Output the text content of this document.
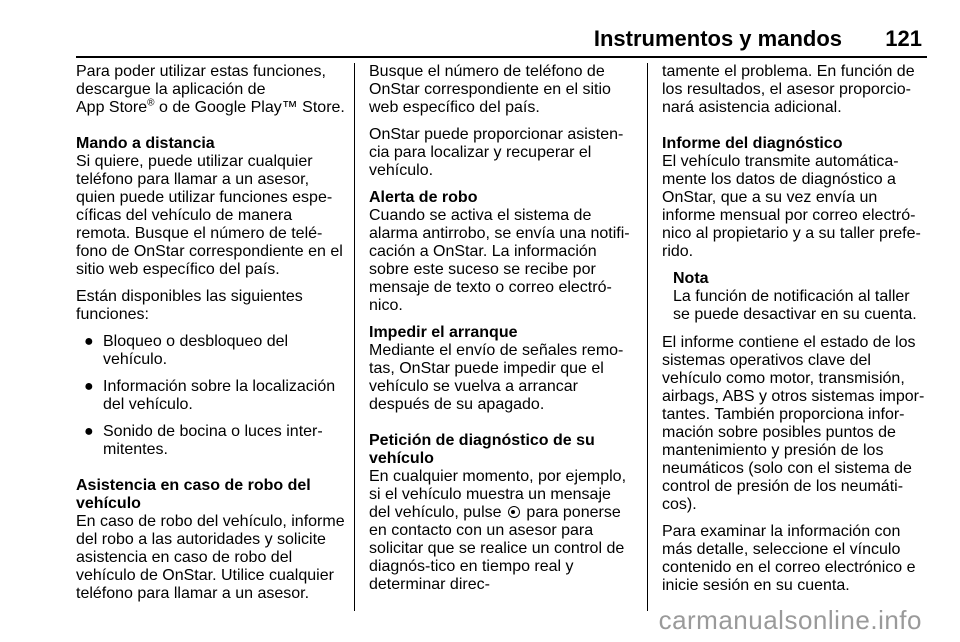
Instrumentos y mandos 121

Para poder utilizar estas funciones,
descargue la aplicación de
App Store® o de Google Play™ Store.

Mando a distancia

Si quiere, puede utilizar cualquier teléfono para llamar a un asesor, quien puede utilizar funciones espe-cíficas del vehículo de manera remota. Busque el número de telé-fono de OnStar correspondiente en el sitio web específico del país.

Están disponibles las siguientes funciones:

● Bloqueo o desbloqueo del vehículo.
● Información sobre la localización del vehículo.
● Sonido de bocina o luces inter-mitentes.

Asistencia en caso de robo del vehículo

En caso de robo del vehículo, informe del robo a las autoridades y solicite asistencia en caso de robo del vehículo de OnStar. Utilice cualquier teléfono para llamar a un asesor.

Busque el número de teléfono de OnStar correspondiente en el sitio web específico del país.

OnStar puede proporcionar asisten-cia para localizar y recuperar el vehículo.

Alerta de robo

Cuando se activa el sistema de alarma antirrobo, se envía una notifi-cación a OnStar. La información sobre este suceso se recibe por mensaje de texto o correo electró-nico.

Impedir el arranque

Mediante el envío de señales remo-tas, OnStar puede impedir que el vehículo se vuelva a arrancar después de su apagado.

Petición de diagnóstico de su vehículo

En cualquier momento, por ejemplo, si el vehículo muestra un mensaje del vehículo, pulse  para ponerse en contacto con un asesor para solicitar que se realice un control de diagnós-tico en tiempo real y determinar direc-

tamente el problema. En función de los resultados, el asesor proporcio-nará asistencia adicional.

Informe del diagnóstico

El vehículo transmite automática-mente los datos de diagnóstico a OnStar, que a su vez envía un informe mensual por correo electró-nico al propietario y a su taller prefe-rido.

Nota
La función de notificación al taller se puede desactivar en su cuenta.

El informe contiene el estado de los sistemas operativos clave del vehículo como motor, transmisión, airbags, ABS y otros sistemas impor-tantes. También proporciona infor-mación sobre posibles puntos de mantenimiento y presión de los neumáticos (solo con el sistema de control de presión de los neumáti-cos).

Para examinar la información con más detalle, seleccione el vínculo contenido en el correo electrónico e inicie sesión en su cuenta.

carmanualsonline.info
